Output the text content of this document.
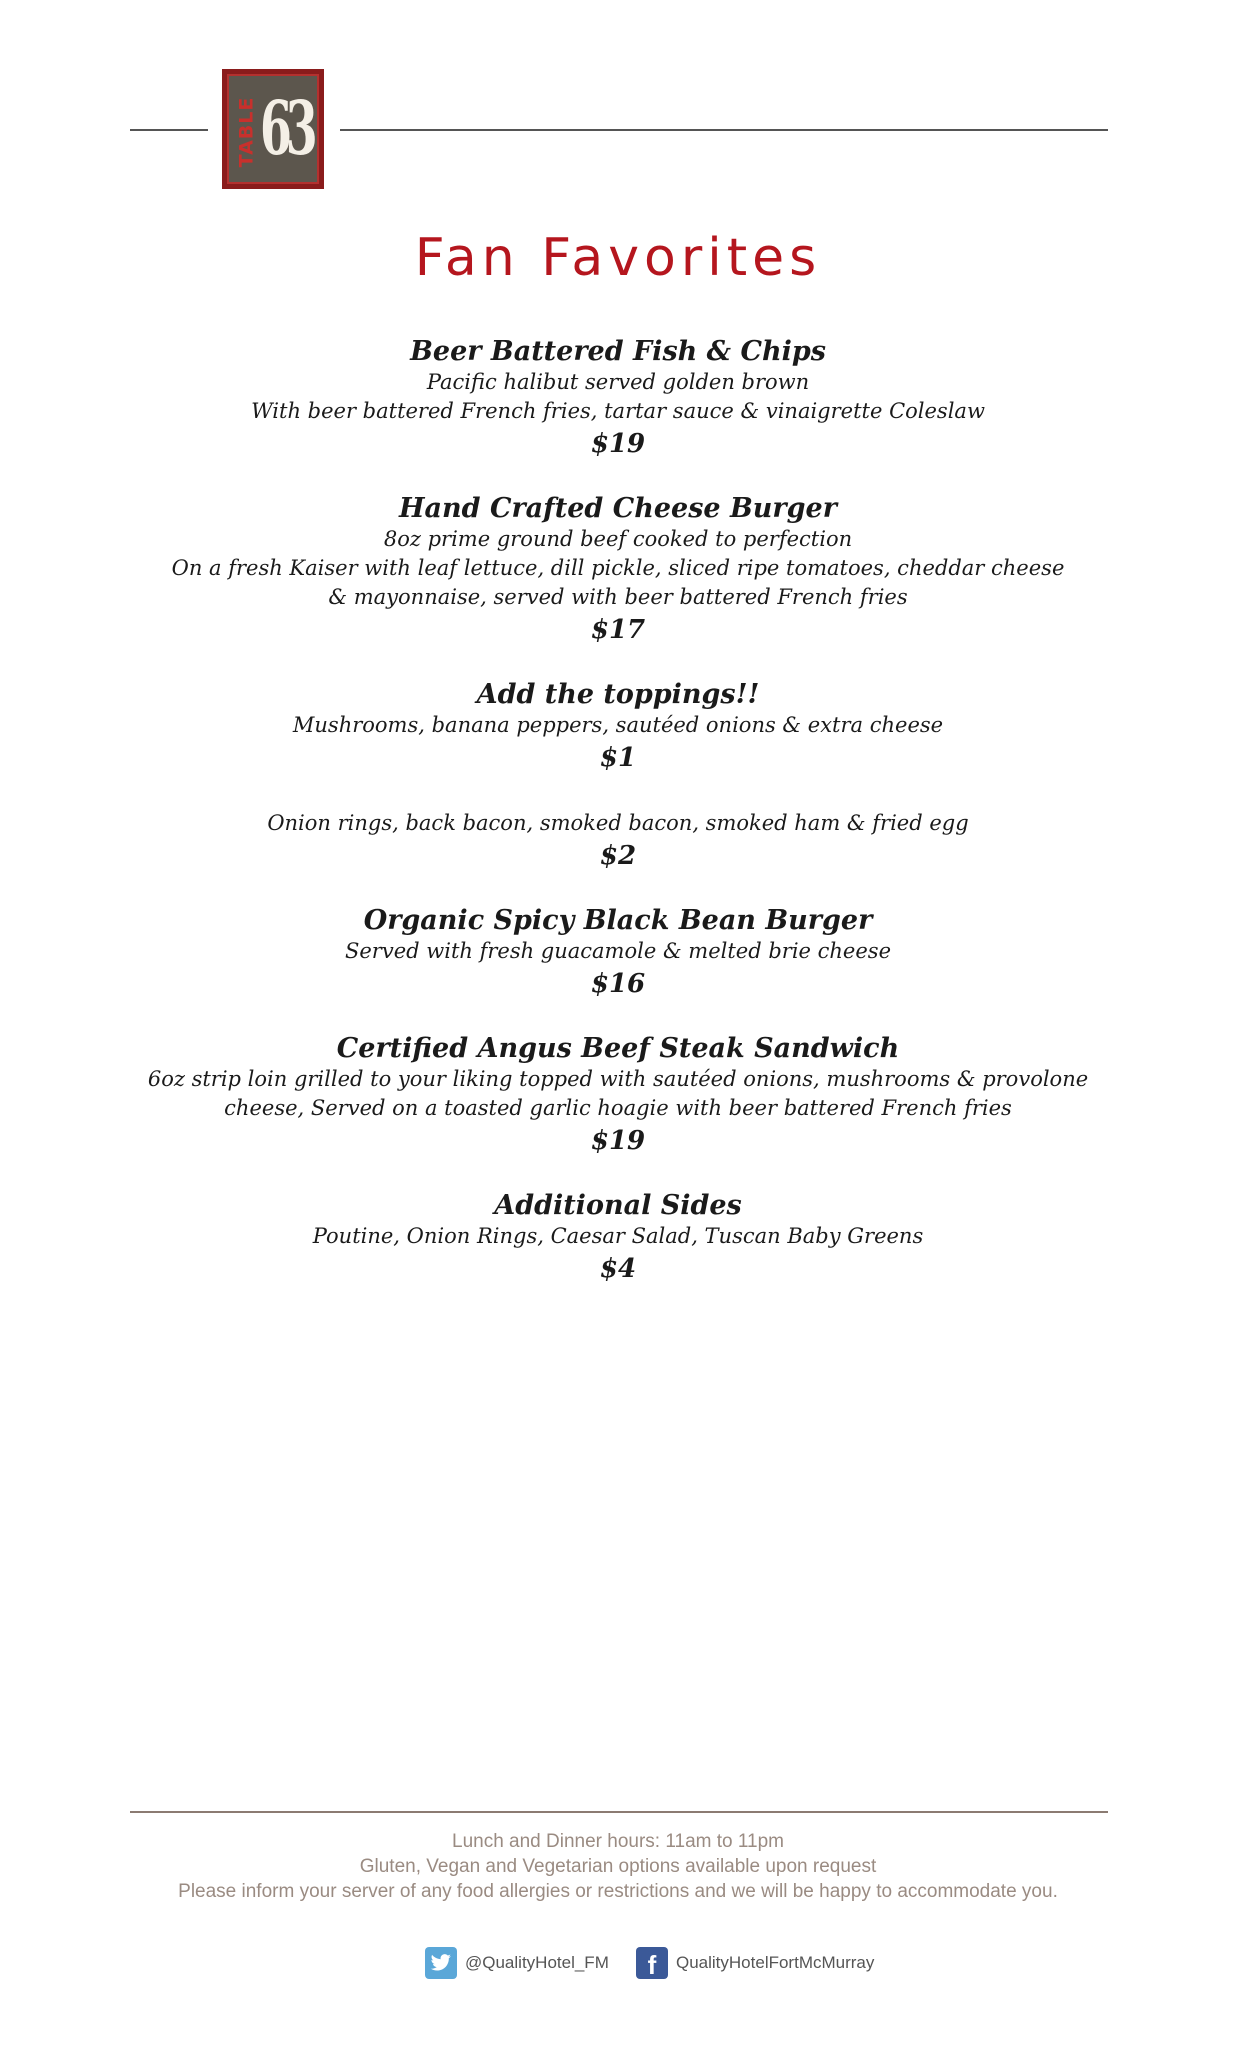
TABLE 63
Fan Favorites
Beer Battered Fish & Chips
Pacific halibut served golden brown
With beer battered French fries, tartar sauce & vinaigrette Coleslaw
$19
Hand Crafted Cheese Burger
8oz prime ground beef cooked to perfection
On a fresh Kaiser with leaf lettuce, dill pickle, sliced ripe tomatoes, cheddar cheese
& mayonnaise, served with beer battered French fries
$17
Add the toppings!!
Mushrooms, banana peppers, sautéed onions & extra cheese
$1
Onion rings, back bacon, smoked bacon, smoked ham & fried egg
$2
Organic Spicy Black Bean Burger
Served with fresh guacamole & melted brie cheese
$16
Certified Angus Beef Steak Sandwich
6oz strip loin grilled to your liking topped with sautéed onions, mushrooms & provolone
cheese, Served on a toasted garlic hoagie with beer battered French fries
$19
Additional Sides
Poutine, Onion Rings, Caesar Salad, Tuscan Baby Greens
$4
Lunch and Dinner hours: 11am to 11pm
Gluten, Vegan and Vegetarian options available upon request
Please inform your server of any food allergies or restrictions and we will be happy to accommodate you.
@QualityHotel_FM f QualityHotelFortMcMurray
